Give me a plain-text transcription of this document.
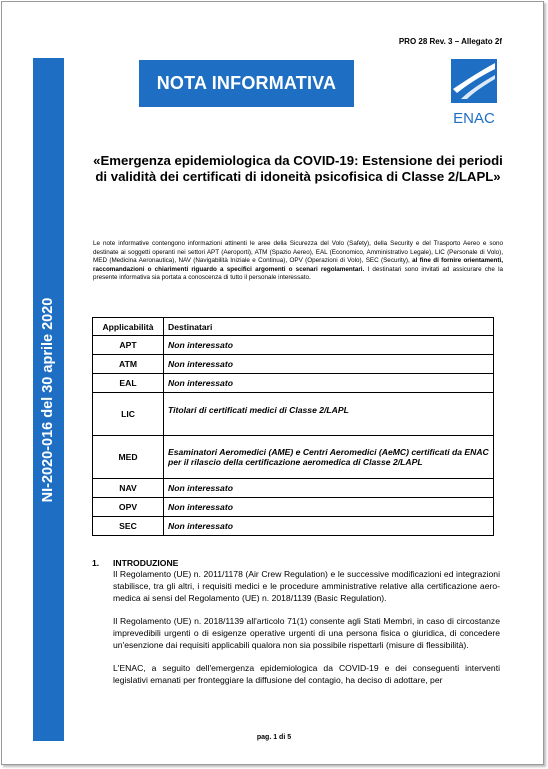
PRO 28 Rev. 3 – Allegato 2f
NI-2020-016 del 30 aprile 2020
NOTA INFORMATIVA
ENAC
«Emergenza epidemiologica da COVID-19: Estensione dei periodi di validità dei certificati di idoneità psicofisica di Classe 2/LAPL»
Le note informative contengono informazioni attinenti le aree della Sicurezza del Volo (Safety), della Security e del Trasporto Aereo e sono destinate ai soggetti operanti nei settori APT (Aeroporti), ATM (Spazio Aereo), EAL (Economico, Amministrativo Legale), LIC (Personale di Volo), MED (Medicina Aeronautica), NAV (Navigabilità Iniziale e Continua), OPV (Operazioni di Volo), SEC (Security), al fine di fornire orientamenti, raccomandazioni o chiarimenti riguardo a specifici argomenti o scenari regolamentari. I destinatari sono invitati ad assicurare che la presente informativa sia portata a conoscenza di tutto il personale interessato.
Applicabilità	Destinatari
APT	Non interessato
ATM	Non interessato
EAL	Non interessato
LIC	Titolari di certificati medici di Classe 2/LAPL
MED	Esaminatori Aeromedici (AME) e Centri Aeromedici (AeMC) certificati da ENAC per il rilascio della certificazione aeromedica di Classe 2/LAPL
NAV	Non interessato
OPV	Non interessato
SEC	Non interessato
1. INTRODUZIONE

Il Regolamento (UE) n. 2011/1178 (Air Crew Regulation) e le successive modificazioni ed integrazioni stabilisce, tra gli altri, i requisiti medici e le procedure amministrative relative alla certificazione aero-medica ai sensi del Regolamento (UE) n. 2018/1139 (Basic Regulation).

Il Regolamento (UE) n. 2018/1139 all'articolo 71(1) consente agli Stati Membri, in caso di circostanze imprevedibili urgenti o di esigenze operative urgenti di una persona fisica o giuridica, di concedere un'esenzione dai requisiti applicabili qualora non sia possibile rispettarli (misure di flessibilità).

L'ENAC, a seguito dell'emergenza epidemiologica da COVID-19 e dei conseguenti interventi legislativi emanati per fronteggiare la diffusione del contagio, ha deciso di adottare, per

pag. 1 di 5
